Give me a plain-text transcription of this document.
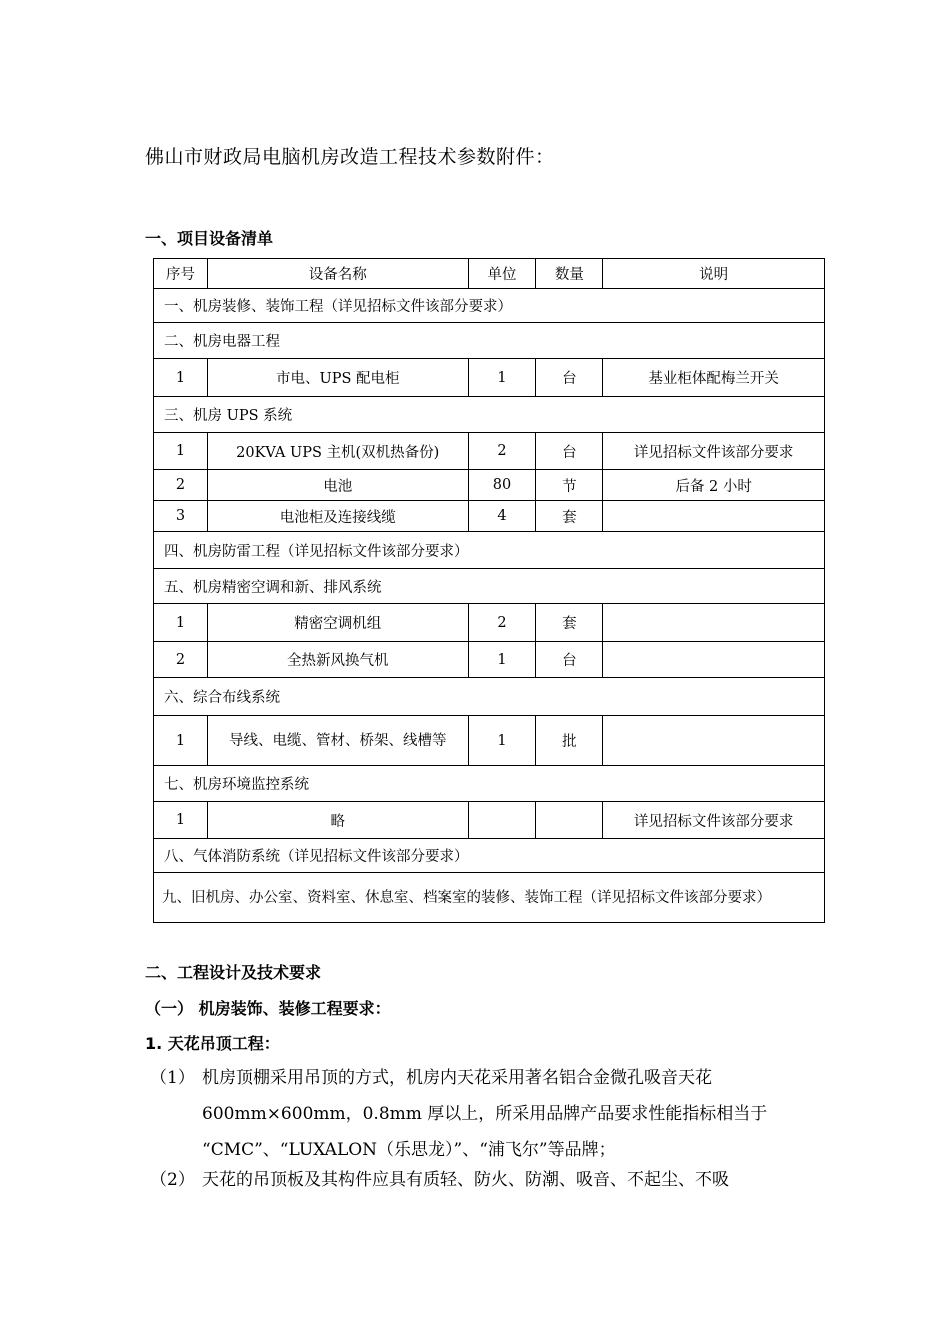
佛山市财政局电脑机房改造工程技术参数附件：
一、项目设备清单
序号	设备名称	单位	数量	说明
一、机房装修、装饰工程（详见招标文件该部分要求）				
二、机房电器工程				
1	市电、UPS 配电柜	1	台	基业柜体配梅兰开关
三、机房 UPS 系统				
1	20KVA UPS 主机(双机热备份)	2	台	详见招标文件该部分要求
2	电池	80	节	后备 2 小时
3	电池柜及连接线缆	4	套	
四、机房防雷工程（详见招标文件该部分要求）				
五、机房精密空调和新、排风系统				
1	精密空调机组	2	套	
2	全热新风换气机	1	台	
六、综合布线系统				
1	导线、电缆、管材、桥架、线槽等	1	批	
七、机房环境监控系统				
1	略			详见招标文件该部分要求
八、气体消防系统（详见招标文件该部分要求）				
九、旧机房、办公室、资料室、休息室、档案室的装修、装饰工程（详见招标文件该部分要求）				
二、工程设计及技术要求
（一） 机房装饰、装修工程要求：
1. 天花吊顶工程：
（1） 机房顶棚采用吊顶的方式，机房内天花采用著名铝合金微孔吸音天花
600mm×600mm，0.8mm 厚以上，所采用品牌产品要求性能指标相当于
“CMC”、“LUXALON（乐思龙）”、“浦飞尔”等品牌；
（2） 天花的吊顶板及其构件应具有质轻、防火、防潮、吸音、不起尘、不吸
